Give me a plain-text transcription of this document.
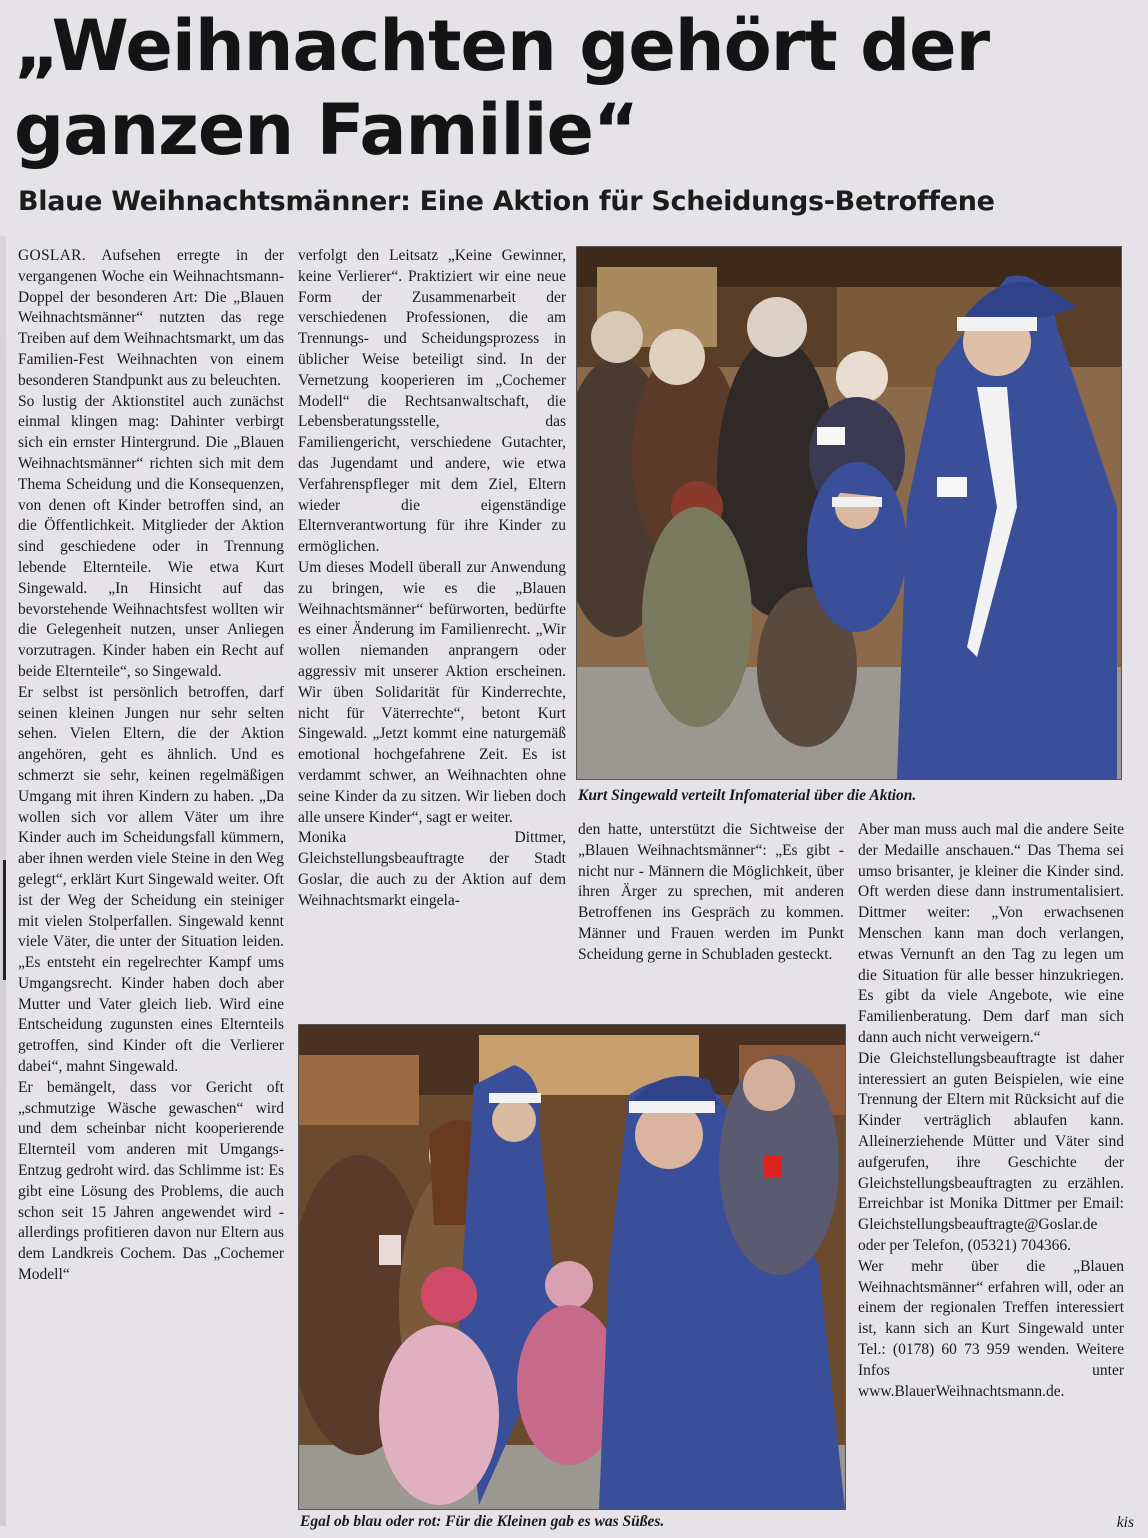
„Weihnachten gehört der ganzen Familie“
Blaue Weihnachtsmänner: Eine Aktion für Scheidungs-Betroffene

GOSLAR. Aufsehen erregte in der vergangenen Woche ein Weihnachtsmann-Doppel der besonderen Art: Die „Blauen Weihnachtsmänner“ nutzten das rege Treiben auf dem Weihnachtsmarkt, um das Familien-Fest Weihnachten von einem besonderen Standpunkt aus zu beleuchten.

So lustig der Aktionstitel auch zunächst einmal klingen mag: Dahinter verbirgt sich ein ernster Hintergrund. Die „Blauen Weihnachtsmänner“ richten sich mit dem Thema Scheidung und die Konsequenzen, von denen oft Kinder betroffen sind, an die Öffentlichkeit. Mitglieder der Aktion sind geschiedene oder in Trennung lebende Elternteile. Wie etwa Kurt Singewald. „In Hinsicht auf das bevorstehende Weihnachtsfest wollten wir die Gelegenheit nutzen, unser Anliegen vorzutragen. Kinder haben ein Recht auf beide Elternteile“, so Singewald.

Er selbst ist persönlich betroffen, darf seinen kleinen Jungen nur sehr selten sehen. Vielen Eltern, die der Aktion angehören, geht es ähnlich. Und es schmerzt sie sehr, keinen regelmäßigen Umgang mit ihren Kindern zu haben. „Da wollen sich vor allem Väter um ihre Kinder auch im Scheidungsfall kümmern, aber ihnen werden viele Steine in den Weg gelegt“, erklärt Kurt Singewald weiter. Oft ist der Weg der Scheidung ein steiniger mit vielen Stolperfallen. Singewald kennt viele Väter, die unter der Situation leiden. „Es entsteht ein regelrechter Kampf ums Umgangsrecht. Kinder haben doch aber Mutter und Vater gleich lieb. Wird eine Entscheidung zugunsten eines Elternteils getroffen, sind Kinder oft die Verlierer dabei“, mahnt Singewald.

Er bemängelt, dass vor Gericht oft „schmutzige Wäsche gewaschen“ wird und dem scheinbar nicht kooperierende Elternteil vom anderen mit Umgangs-Entzug gedroht wird. das Schlimme ist: Es gibt eine Lösung des Problems, die auch schon seit 15 Jahren angewendet wird - allerdings profitieren davon nur Eltern aus dem Landkreis Cochem. Das „Cochemer Modell“

verfolgt den Leitsatz „Keine Gewinner, keine Verlierer“. Praktiziert wir eine neue Form der Zusammenarbeit der verschiedenen Professionen, die am Trennungs- und Scheidungsprozess in üblicher Weise beteiligt sind. In der Vernetzung kooperieren im „Cochemer Modell“ die Rechtsanwaltschaft, die Lebensberatungsstelle, das Familiengericht, verschiedene Gutachter, das Jugendamt und andere, wie etwa Verfahrenspfleger mit dem Ziel, Eltern wieder die eigenständige Elternverantwortung für ihre Kinder zu ermöglichen.

Um dieses Modell überall zur Anwendung zu bringen, wie es die „Blauen Weihnachtsmänner“ befürworten, bedürfte es einer Änderung im Familienrecht. „Wir wollen niemanden anprangern oder aggressiv mit unserer Aktion erscheinen. Wir üben Solidarität für Kinderrechte, nicht für Väterrechte“, betont Kurt Singewald. „Jetzt kommt eine naturgemäß emotional hochgefahrene Zeit. Es ist verdammt schwer, an Weihnachten ohne seine Kinder da zu sitzen. Wir lieben doch alle unsere Kinder“, sagt er weiter.

Monika Dittmer, Gleichstellungsbeauftragte der Stadt Goslar, die auch zu der Aktion auf dem Weihnachtsmarkt eingela-

den hatte, unterstützt die Sichtweise der „Blauen Weihnachtsmänner“: „Es gibt - nicht nur - Männern die Möglichkeit, über ihren Ärger zu sprechen, mit anderen Betroffenen ins Gespräch zu kommen. Männer und Frauen werden im Punkt Scheidung gerne in Schubladen gesteckt.

Aber man muss auch mal die andere Seite der Medaille anschauen.“ Das Thema sei umso brisanter, je kleiner die Kinder sind. Oft werden diese dann instrumentalisiert. Dittmer weiter: „Von erwachsenen Menschen kann man doch verlangen, etwas Vernunft an den Tag zu legen um die Situation für alle besser hinzukriegen. Es gibt da viele Angebote, wie eine Familienberatung. Dem darf man sich dann auch nicht verweigern.“

Die Gleichstellungsbeauftragte ist daher interessiert an guten Beispielen, wie eine Trennung der Eltern mit Rücksicht auf die Kinder verträglich ablaufen kann. Alleinerziehende Mütter und Väter sind aufgerufen, ihre Geschichte der Gleichstellungsbeauftragten zu erzählen. Erreichbar ist Monika Dittmer per Email: Gleichstellungsbeauftragte@Goslar.de oder per Telefon, (05321) 704366.

Wer mehr über die „Blauen Weihnachtsmänner“ erfahren will, oder an einem der regionalen Treffen interessiert ist, kann sich an Kurt Singewald unter Tel.: (0178) 60 73 959 wenden. Weitere Infos unter www.BlauerWeihnachtsmann.de.

kis

Kurt Singewald verteilt Infomaterial über die Aktion.

Egal ob blau oder rot: Für die Kleinen gab es was Süßes.
